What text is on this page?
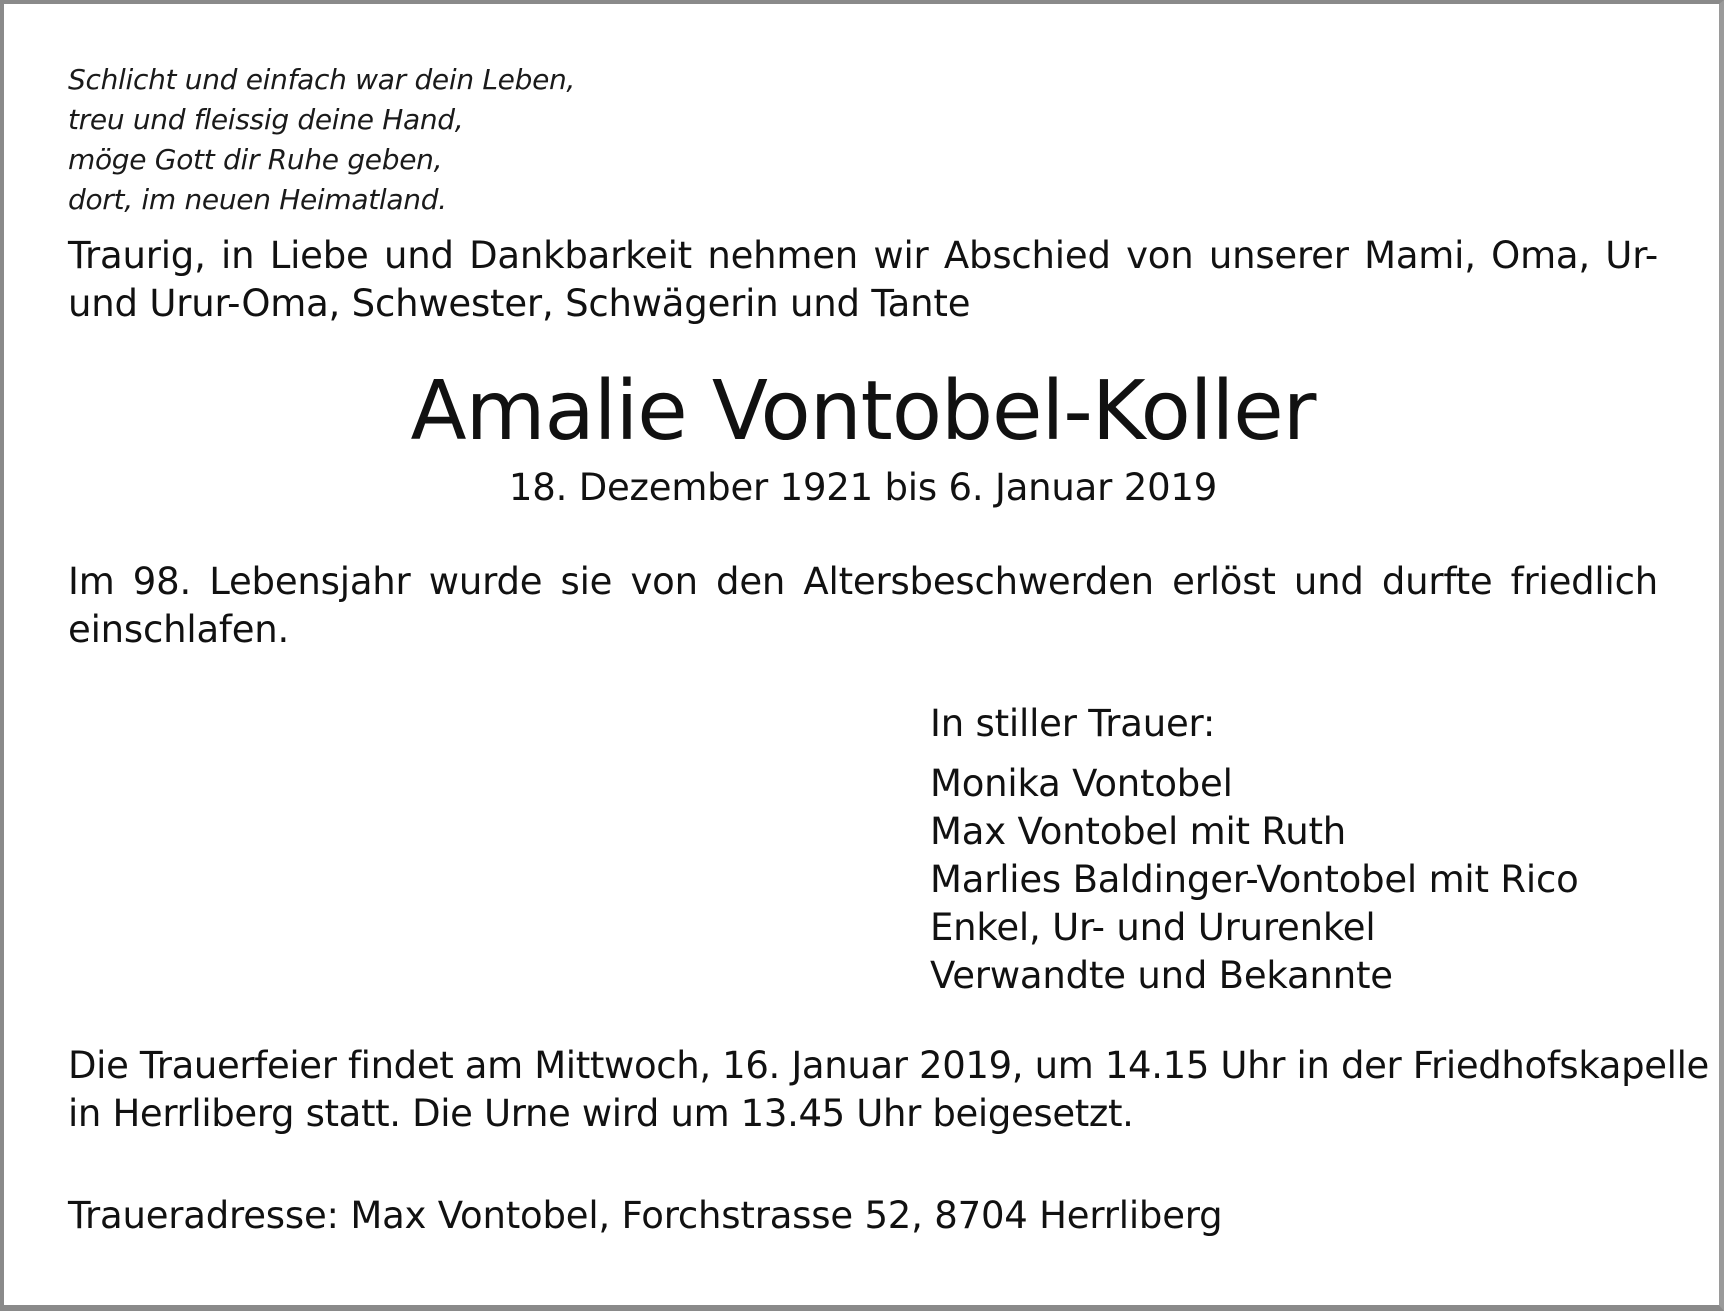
Schlicht und einfach war dein Leben,
treu und fleissig deine Hand,
möge Gott dir Ruhe geben,
dort, im neuen Heimatland.
Traurig, in Liebe und Dankbarkeit nehmen wir Abschied von unserer Mami, Oma, Ur- und Urur-Oma, Schwester, Schwägerin und Tante
Amalie Vontobel-Koller
18. Dezember 1921 bis 6. Januar 2019
Im 98. Lebensjahr wurde sie von den Altersbeschwerden erlöst und durfte friedlich einschlafen.
In stiller Trauer:
Monika Vontobel
Max Vontobel mit Ruth
Marlies Baldinger-Vontobel mit Rico
Enkel, Ur- und Ururenkel
Verwandte und Bekannte
Die Trauerfeier findet am Mittwoch, 16. Januar 2019, um 14.15 Uhr in der Friedhofskapelle
in Herrliberg statt. Die Urne wird um 13.45 Uhr beigesetzt.
Traueradresse: Max Vontobel, Forchstrasse 52, 8704 Herrliberg
